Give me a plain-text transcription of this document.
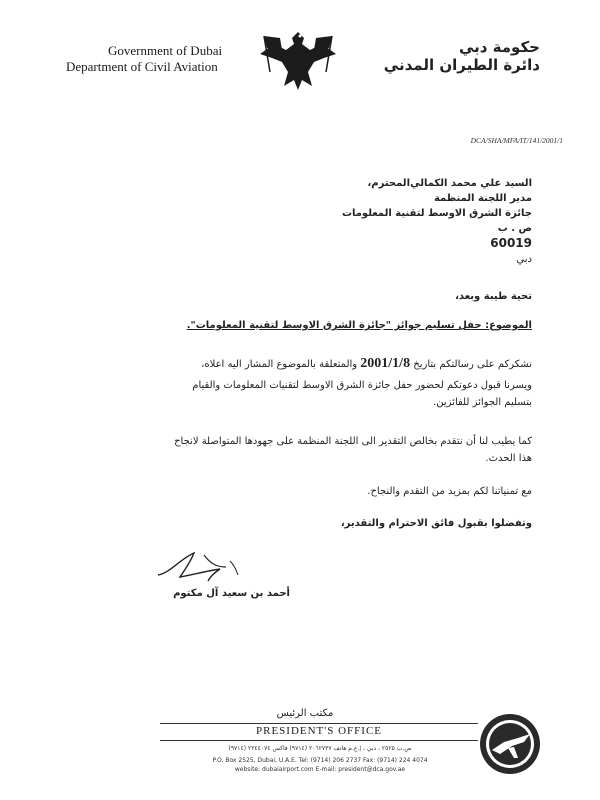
Government of Dubai
Department of Civil Aviation
حكومة دبي
دائرة الطيران المدني
DCA/SHA/MFA/IT/141/2001/1
المحترم، السيد علي محمد الكمالي
مدير اللجنة المنظمة
جائزة الشرق الاوسط لتقنية المعلومات
ص . ب
60019
دبي
تحية طيبة وبعد،
الموضوع: حفل تسليم جوائز "جائزة الشرق الاوسط لتقنية المعلومات".
نشكركم على رسالتكم بتاريخ 2001/1/8 والمتعلقة بالموضوع المشار اليه اعلاه،
ويسرنا قبول دعوتكم لحضور حفل جائزة الشرق الاوسط لتقنيات المعلومات والقيام
بتسليم الجوائز للفائزين.
كما يطيب لنا أن نتقدم بخالص التقدير الى اللجنة المنظمة على جهودها المتواصلة لانجاح
هذا الحدث.
مع تمنياتنا لكم بمزيد من التقدم والنجاح.
وتفضلوا بقبول فائق الاحترام والتقدير،
أحمد بن سعيد آل مكتوم
مكتب الرئيس
PRESIDENT'S OFFICE
ص.ب ٢٥٢٥ ، دبي ، إ.ع.م هاتف ٢٠٦٢٧٣٧ (٩٧١٤) فاكس ٢٢٤٤٠٧٤ (٩٧١٤)
P.O. Box 2525, Dubai, U.A.E. Tel: (9714) 206 2737 Fax: (9714) 224 4074
website: dubaiairport.com E-mail: president@dca.gov.ae
